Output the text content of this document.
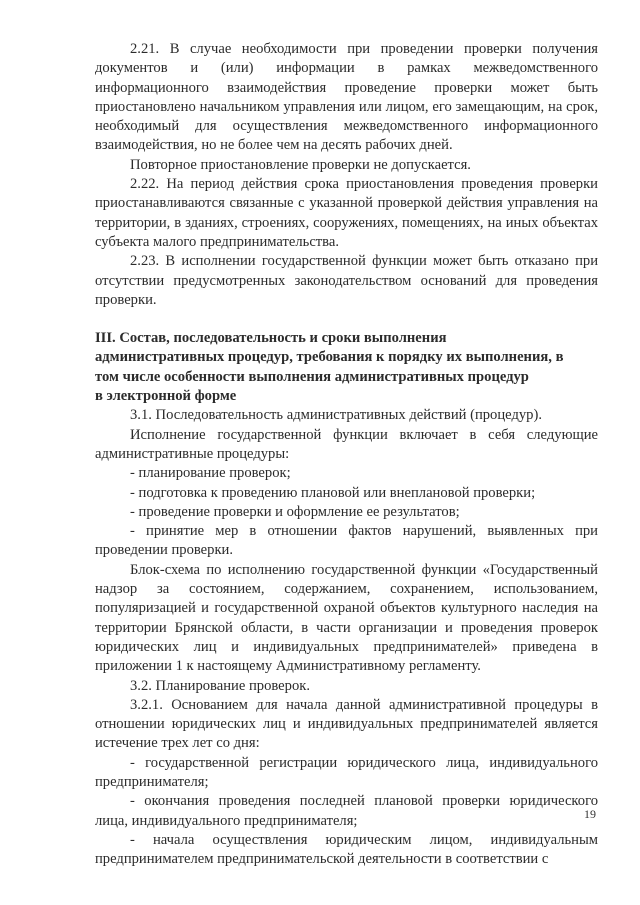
2.21. В случае необходимости при проведении проверки получения документов и (или) информации в рамках межведомственного информационного взаимодействия проведение проверки может быть приостановлено начальником управления или лицом, его замещающим, на срок, необходимый для осуществления межведомственного информационного взаимодействия, но не более чем на десять рабочих дней.

Повторное приостановление проверки не допускается.

2.22. На период действия срока приостановления проведения проверки приостанавливаются связанные с указанной проверкой действия управления на территории, в зданиях, строениях, сооружениях, помещениях, на иных объектах субъекта малого предпринимательства.

2.23. В исполнении государственной функции может быть отказано при отсутствии предусмотренных законодательством оснований для проведения проверки.

III. Состав, последовательность и сроки выполнения

административных процедур, требования к порядку их выполнения, в

том числе особенности выполнения административных процедур

в электронной форме

3.1. Последовательность административных действий (процедур).

Исполнение государственной функции включает в себя следующие административные процедуры:

- планирование проверок;

- подготовка к проведению плановой или внеплановой проверки;

- проведение проверки и оформление ее результатов;

- принятие мер в отношении фактов нарушений, выявленных при проведении проверки.

Блок-схема по исполнению государственной функции «Государственный надзор за состоянием, содержанием, сохранением, использованием, популяризацией и государственной охраной объектов культурного наследия на территории Брянской области, в части организации и проведения проверок юридических лиц и индивидуальных предпринимателей» приведена в приложении 1 к настоящему Административному регламенту.

3.2. Планирование проверок.

3.2.1. Основанием для начала данной административной процедуры в отношении юридических лиц и индивидуальных предпринимателей является истечение трех лет со дня:

- государственной регистрации юридического лица, индивидуального предпринимателя;

- окончания проведения последней плановой проверки юридического лица, индивидуального предпринимателя;

- начала осуществления юридическим лицом, индивидуальным предпринимателем предпринимательской деятельности в соответствии с

19
